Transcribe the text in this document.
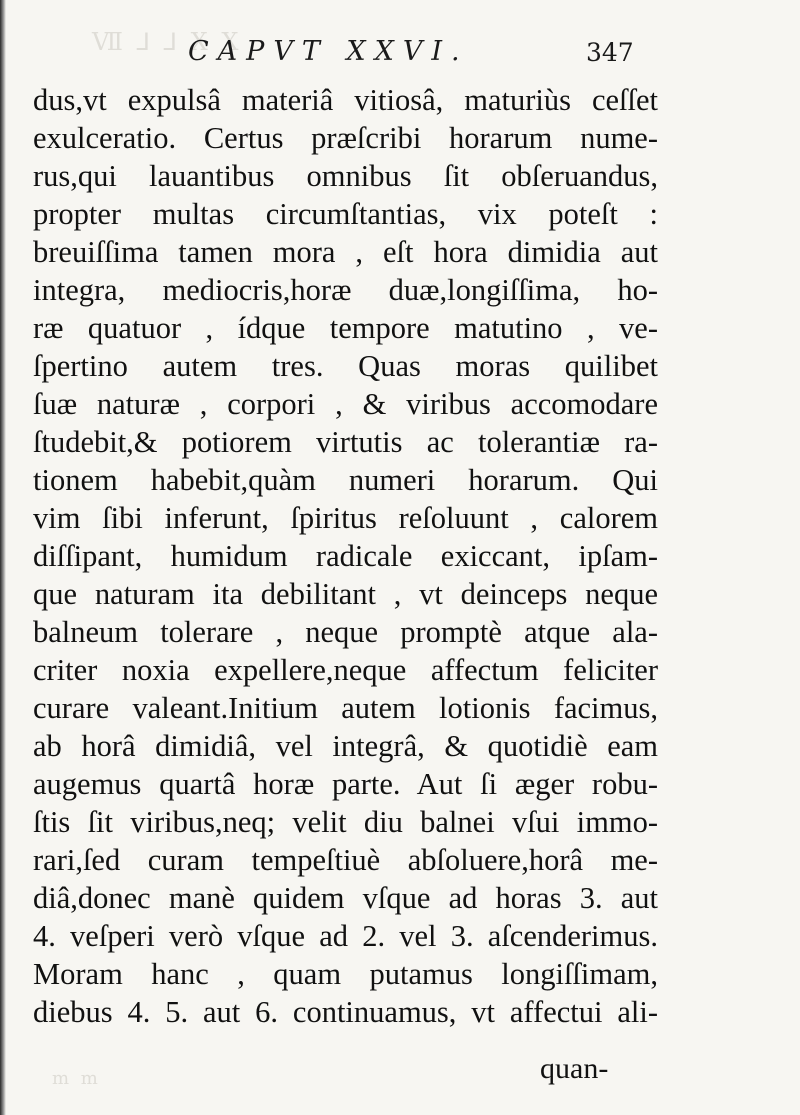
Ⅶ ⅃ ⅃ X X
ⅿ ⅿ
CAPVT XXVI.	347
dus,vt expulsâ materiâ vitiosâ, maturiùs ceſſet
exulceratio. Certus præſcribi horarum nume-
rus,qui lauantibus omnibus ſit obſeruandus,
propter multas circumſtantias, vix poteſt :
breuiſſima tamen mora , eſt hora dimidia aut
integra, mediocris,horæ duæ,longiſſima, ho-
ræ quatuor , ídque tempore matutino , ve-
ſpertino autem tres. Quas moras quilibet
ſuæ naturæ , corpori , & viribus accomodare
ſtudebit,& potiorem virtutis ac tolerantiæ ra-
tionem habebit,quàm numeri horarum. Qui
vim ſibi inferunt, ſpiritus reſoluunt , calorem
diſſipant, humidum radicale exiccant, ipſam-
que naturam ita debilitant , vt deinceps neque
balneum tolerare , neque promptè atque ala-
criter noxia expellere,neque affectum feliciter
curare valeant.Initium autem lotionis facimus,
ab horâ dimidiâ, vel integrâ, & quotidiè eam
augemus quartâ horæ parte. Aut ſi æger robu-
ſtis ſit viribus,neq; velit diu balnei vſui immo-
rari,ſed curam tempeſtiuè abſoluere,horâ me-
diâ,donec manè quidem vſque ad horas 3. aut
4. veſperi verò vſque ad 2. vel 3. aſcenderimus.
Moram hanc , quam putamus longiſſimam,
diebus 4. 5. aut 6. continuamus, vt affectui ali-
quan-
